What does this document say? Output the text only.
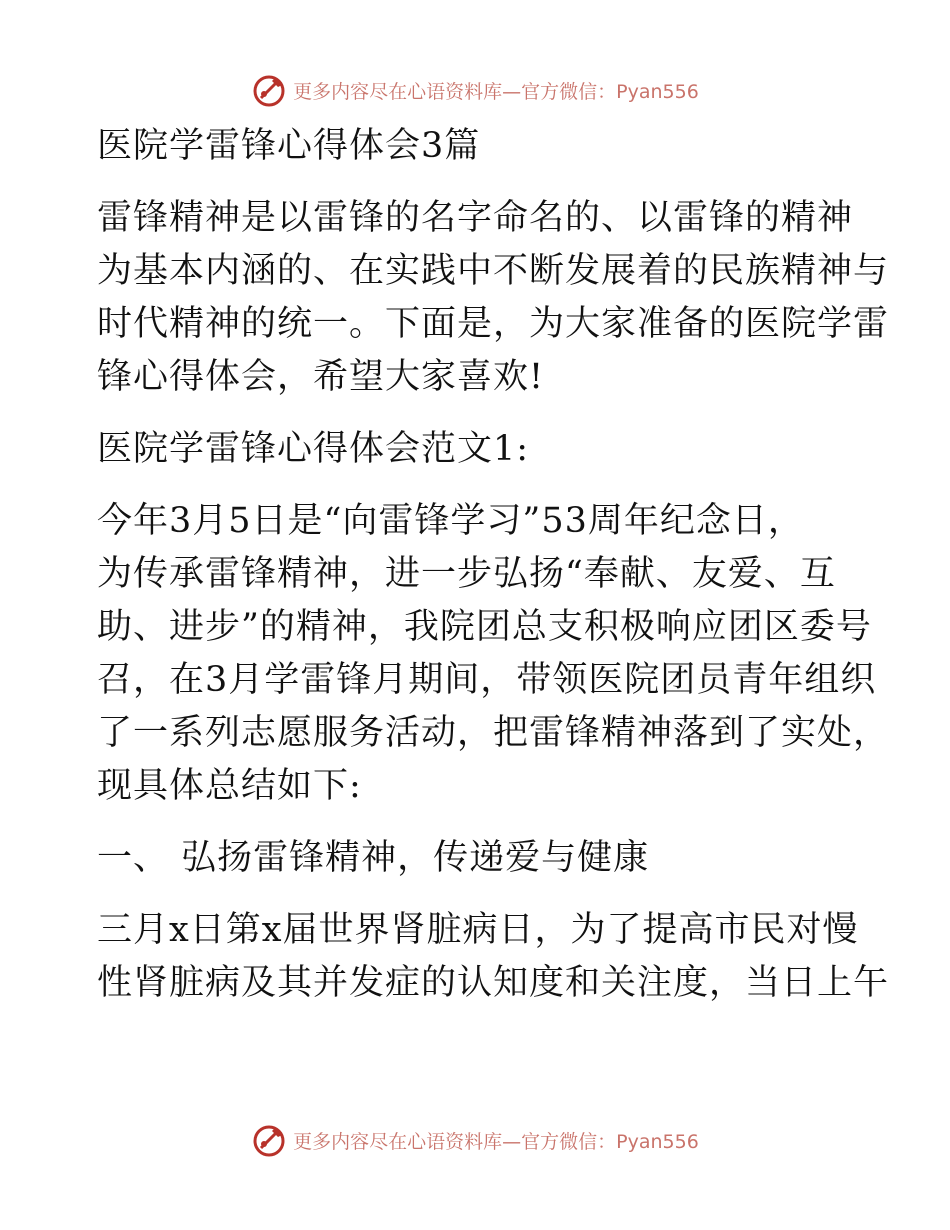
更多内容尽在心语资料库—官方微信：Pyan556
医院学雷锋心得体会3篇
雷锋精神是以雷锋的名字命名的、以雷锋的精神
为基本内涵的、在实践中不断发展着的民族精神与
时代精神的统一。下面是，为大家准备的医院学雷
锋心得体会，希望大家喜欢!
医院学雷锋心得体会范文1:
今年3月5日是“向雷锋学习”53周年纪念日，
为传承雷锋精神，进一步弘扬“奉献、友爱、互
助、进步”的精神，我院团总支积极响应团区委号
召，在3月学雷锋月期间，带领医院团员青年组织
了一系列志愿服务活动，把雷锋精神落到了实处，
现具体总结如下:
一、 弘扬雷锋精神，传递爱与健康
三月x日第x届世界肾脏病日，为了提高市民对慢
性肾脏病及其并发症的认知度和关注度，当日上午
更多内容尽在心语资料库—官方微信：Pyan556
